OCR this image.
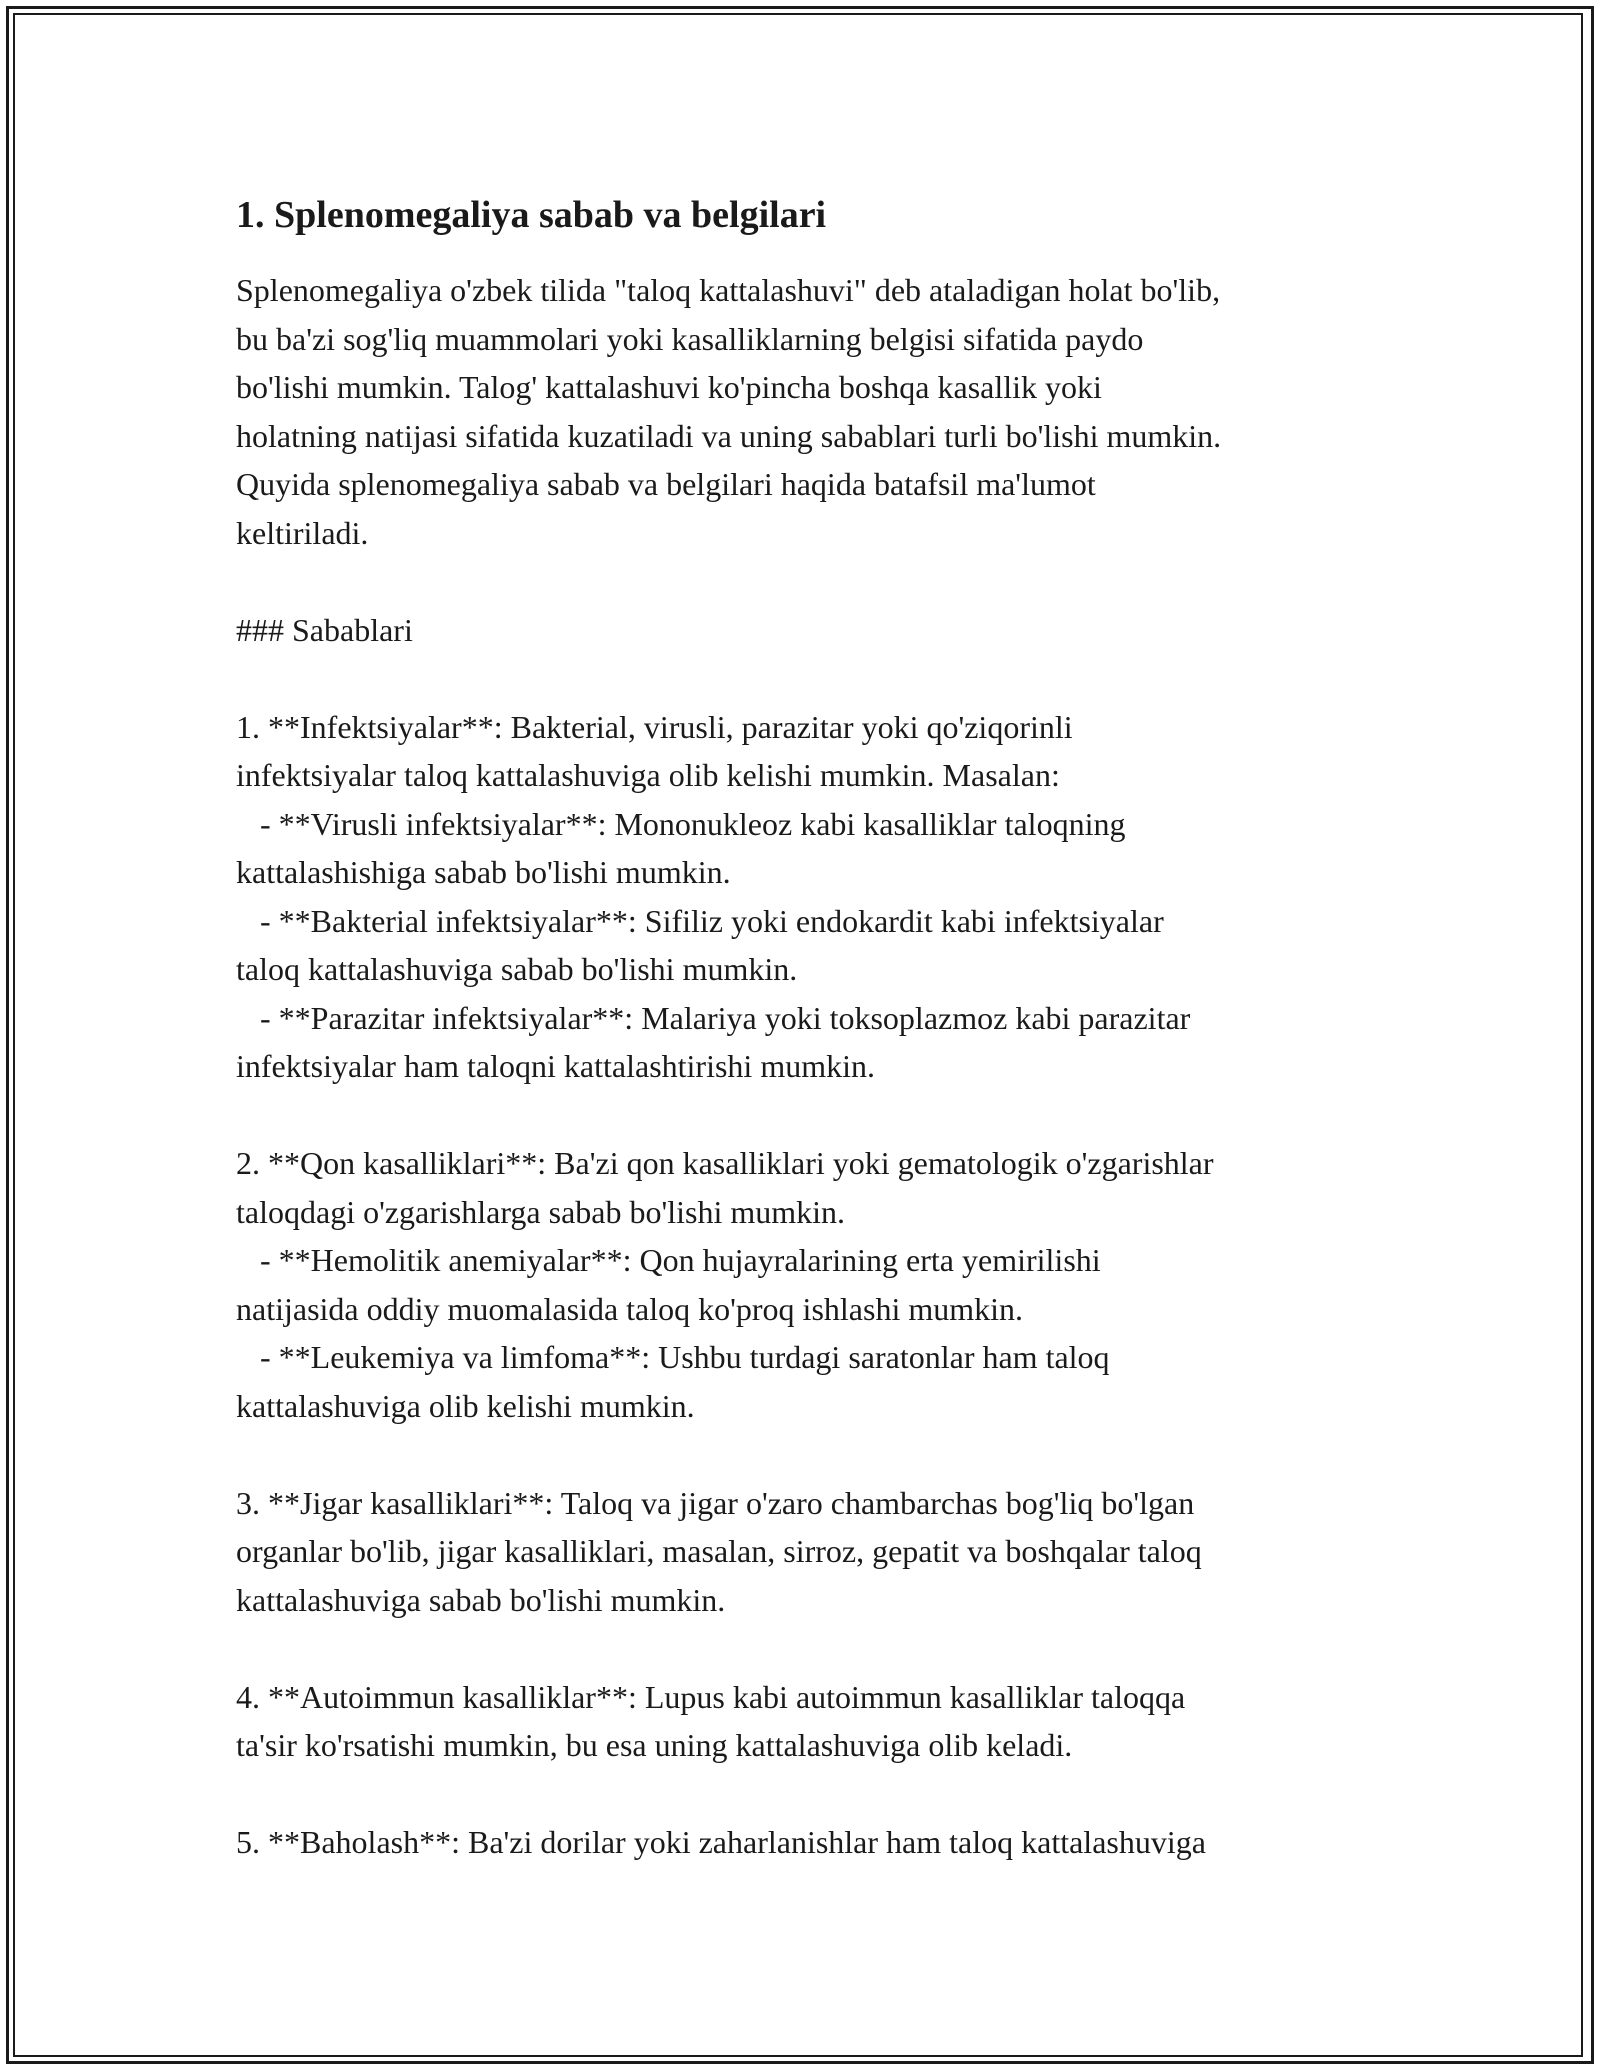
1. Splenomegaliya sabab va belgilari
Splenomegaliya o'zbek tilida "taloq kattalashuvi" deb ataladigan holat bo'lib,
bu ba'zi sog'liq muammolari yoki kasalliklarning belgisi sifatida paydo
bo'lishi mumkin. Talog' kattalashuvi ko'pincha boshqa kasallik yoki
holatning natijasi sifatida kuzatiladi va uning sabablari turli bo'lishi mumkin.
Quyida splenomegaliya sabab va belgilari haqida batafsil ma'lumot
keltiriladi.
### Sabablari
1. **Infektsiyalar**: Bakterial, virusli, parazitar yoki qo'ziqorinli
infektsiyalar taloq kattalashuviga olib kelishi mumkin. Masalan:
- **Virusli infektsiyalar**: Mononukleoz kabi kasalliklar taloqning
kattalashishiga sabab bo'lishi mumkin.
- **Bakterial infektsiyalar**: Sifiliz yoki endokardit kabi infektsiyalar
taloq kattalashuviga sabab bo'lishi mumkin.
- **Parazitar infektsiyalar**: Malariya yoki toksoplazmoz kabi parazitar
infektsiyalar ham taloqni kattalashtirishi mumkin.
2. **Qon kasalliklari**: Ba'zi qon kasalliklari yoki gematologik o'zgarishlar
taloqdagi o'zgarishlarga sabab bo'lishi mumkin.
- **Hemolitik anemiyalar**: Qon hujayralarining erta yemirilishi
natijasida oddiy muomalasida taloq ko'proq ishlashi mumkin.
- **Leukemiya va limfoma**: Ushbu turdagi saratonlar ham taloq
kattalashuviga olib kelishi mumkin.
3. **Jigar kasalliklari**: Taloq va jigar o'zaro chambarchas bog'liq bo'lgan
organlar bo'lib, jigar kasalliklari, masalan, sirroz, gepatit va boshqalar taloq
kattalashuviga sabab bo'lishi mumkin.
4. **Autoimmun kasalliklar**: Lupus kabi autoimmun kasalliklar taloqqa
ta'sir ko'rsatishi mumkin, bu esa uning kattalashuviga olib keladi.
5. **Baholash**: Ba'zi dorilar yoki zaharlanishlar ham taloq kattalashuviga
